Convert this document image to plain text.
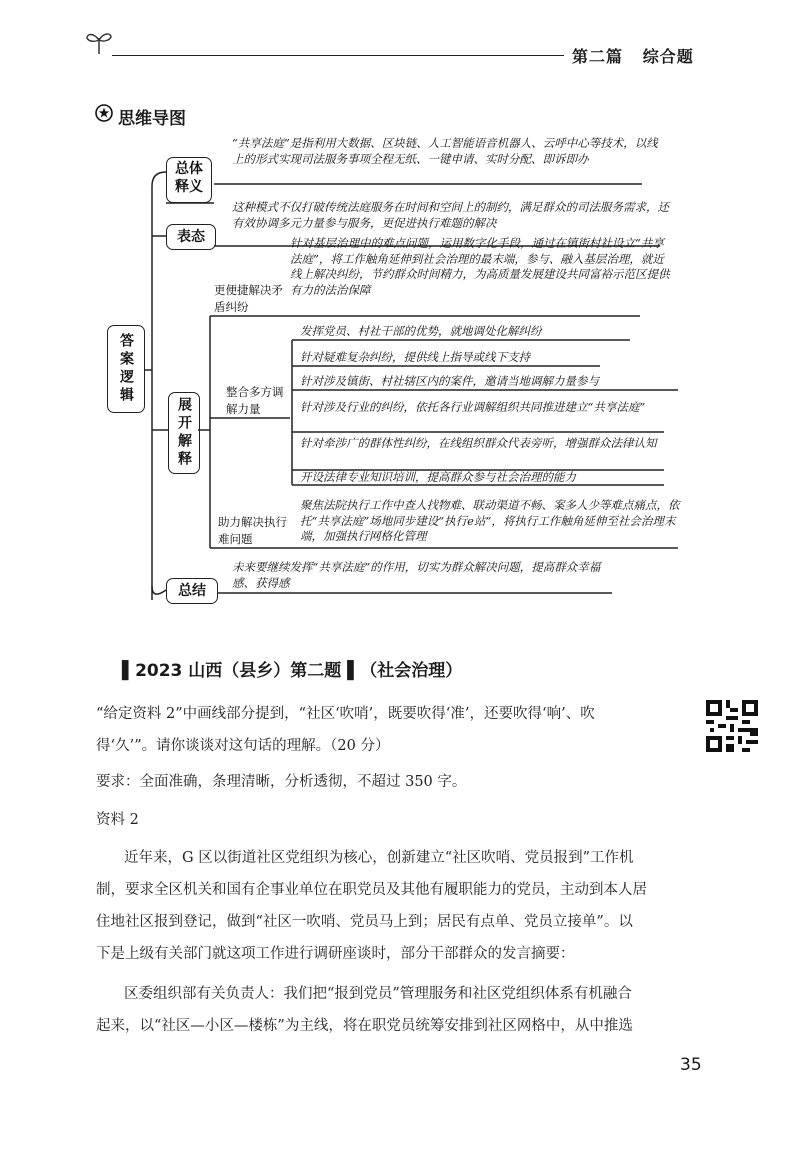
第二篇 综合题
思维导图
答案逻辑
总体释义
“共享法庭”是指利用大数据、区块链、人工智能语音机器人、云呼中心等技术，以线上的形式实现司法服务事项全程无纸、一键申请、实时分配、即诉即办
表态
这种模式不仅打破传统法庭服务在时间和空间上的制约，满足群众的司法服务需求，还有效协调多元力量参与服务，更促进执行难题的解决
展开解释
更便捷解决矛盾纠纷
针对基层治理中的难点问题，运用数字化手段，通过在镇街村社设立“共享法庭”，将工作触角延伸到社会治理的最末端，参与、融入基层治理，就近线上解决纠纷，节约群众时间精力，为高质量发展建设共同富裕示范区提供有力的法治保障
整合多方调解力量
发挥党员、村社干部的优势，就地调处化解纠纷
针对疑难复杂纠纷，提供线上指导或线下支持
针对涉及镇街、村社辖区内的案件，邀请当地调解力量参与
针对涉及行业的纠纷，依托各行业调解组织共同推进建立“共享法庭”
针对牵涉广的群体性纠纷，在线组织群众代表旁听，增强群众法律认知
开设法律专业知识培训，提高群众参与社会治理的能力
助力解决执行难问题
聚焦法院执行工作中查人找物难、联动渠道不畅、案多人少等难点痛点，依托“共享法庭”场地同步建设“执行e站”，将执行工作触角延伸至社会治理末端，加强执行网格化管理
总结
未来要继续发挥“共享法庭”的作用，切实为群众解决问题，提高群众幸福感、获得感
▌2023 山西（县乡）第二题 ▌（社会治理）
“给定资料 2”中画线部分提到，“社区‘吹哨’，既要吹得‘准’，还要吹得‘响’、吹
得‘久’”。请你谈谈对这句话的理解。（20 分）
要求：全面准确，条理清晰，分析透彻，不超过 350 字。
资料 2
近年来，G 区以街道社区党组织为核心，创新建立“社区吹哨、党员报到”工作机
制，要求全区机关和国有企事业单位在职党员及其他有履职能力的党员，主动到本人居
住地社区报到登记，做到“社区一吹哨、党员马上到；居民有点单、党员立接单”。以
下是上级有关部门就这项工作进行调研座谈时，部分干部群众的发言摘要：
区委组织部有关负责人：我们把“报到党员”管理服务和社区党组织体系有机融合
起来，以“社区—小区—楼栋”为主线，将在职党员统筹安排到社区网格中，从中推选
35
